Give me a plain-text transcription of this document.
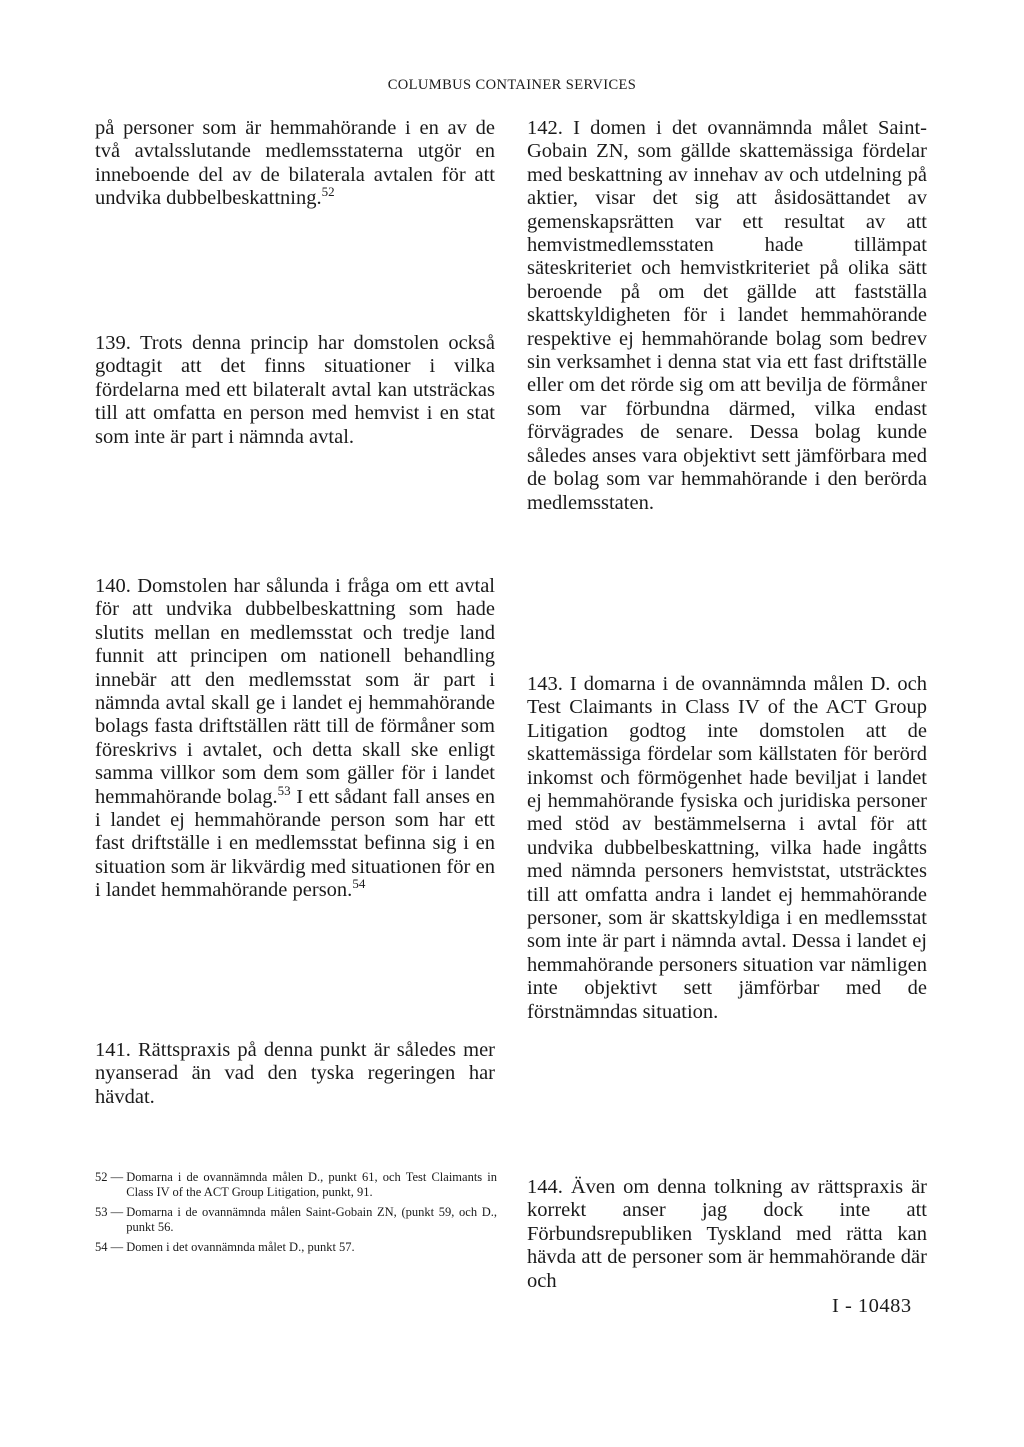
COLUMBUS CONTAINER SERVICES
på personer som är hemmahörande i en av de två avtalsslutande medlemsstaterna utgör en inneboende del av de bilaterala avtalen för att undvika dubbelbeskattning.$^{52}$
139. Trots denna princip har domstolen också godtagit att det finns situationer i vilka fördelarna med ett bilateralt avtal kan utsträckas till att omfatta en person med hemvist i en stat som inte är part i nämnda avtal.
140. Domstolen har sålunda i fråga om ett avtal för att undvika dubbelbeskattning som hade slutits mellan en medlemsstat och tredje land funnit att principen om nationell behandling innebär att den medlemsstat som är part i nämnda avtal skall ge i landet ej hemmahörande bolags fasta driftställen rätt till de förmåner som föreskrivs i avtalet, och detta skall ske enligt samma villkor som dem som gäller för i landet hemmahörande bolag.$^{53}$ I ett sådant fall anses en i landet ej hemmahörande person som har ett fast driftställe i en medlemsstat befinna sig i en situation som är likvärdig med situationen för en i landet hemmahörande person.$^{54}$
141. Rättspraxis på denna punkt är således mer nyanserad än vad den tyska regeringen har hävdat.
142. I domen i det ovannämnda målet Saint-Gobain ZN, som gällde skattemässiga fördelar med beskattning av innehav av och utdelning på aktier, visar det sig att åsidosättandet av gemenskapsrätten var ett resultat av att hemvistmedlemsstaten hade tillämpat säteskriteriet och hemvistkriteriet på olika sätt beroende på om det gällde att fastställa skattskyldigheten för i landet hemmahörande respektive ej hemmahörande bolag som bedrev sin verksamhet i denna stat via ett fast driftställe eller om det rörde sig om att bevilja de förmåner som var förbundna därmed, vilka endast förvägrades de senare. Dessa bolag kunde således anses vara objektivt sett jämförbara med de bolag som var hemmahörande i den berörda medlemsstaten.
143. I domarna i de ovannämnda målen D. och Test Claimants in Class IV of the ACT Group Litigation godtog inte domstolen att de skattemässiga fördelar som källstaten för berörd inkomst och förmögenhet hade beviljat i landet ej hemmahörande fysiska och juridiska personer med stöd av bestämmelserna i avtal för att undvika dubbelbeskattning, vilka hade ingåtts med nämnda personers hemviststat, utsträcktes till att omfatta andra i landet ej hemmahörande personer, som är skattskyldiga i en medlemsstat som inte är part i nämnda avtal. Dessa i landet ej hemmahörande personers situation var nämligen inte objektivt sett jämförbar med de förstnämndas situation.
144. Även om denna tolkning av rättspraxis är korrekt anser jag dock inte att Förbundsrepubliken Tyskland med rätta kan hävda att de personer som är hemmahörande där och
52 — Domarna i de ovannämnda målen D., punkt 61, och Test Claimants in Class IV of the ACT Group Litigation, punkt, 91.
53 — Domarna i de ovannämnda målen Saint-Gobain ZN, (punkt 59, och D., punkt 56.
54 — Domen i det ovannämnda målet D., punkt 57.
I - 10483
